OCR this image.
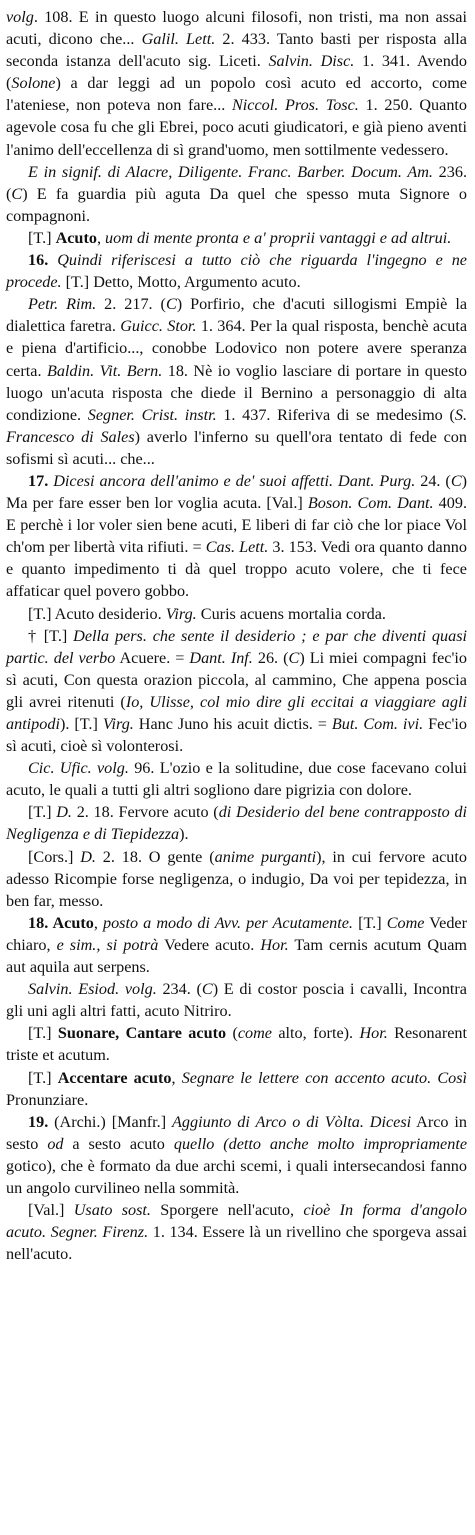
volg. 108. E in questo luogo alcuni filosofi, non tristi, ma non assai acuti, dicono che... Galil. Lett. 2. 433. Tanto basti per risposta alla seconda istanza dell'acuto sig. Liceti. Salvin. Disc. 1. 341. Avendo (Solone) a dar leggi ad un popolo così acuto ed accorto, come l'ateniese, non poteva non fare... Niccol. Pros. Tosc. 1. 250. Quanto agevole cosa fu che gli Ebrei, poco acuti giudicatori, e già pieno aventi l'animo dell'eccellenza di sì grand'uomo, men sottilmente vedessero.

E in signif. di Alacre, Diligente. Franc. Barber. Docum. Am. 236. (C) E fa guardia più aguta Da quel che spesso muta Signore o compagnoni.

[T.] Acuto, uom di mente pronta e a' proprii vantaggi e ad altrui.

16. Quindi riferiscesi a tutto ciò che riguarda l'ingegno e ne procede. [T.] Detto, Motto, Argumento acuto.

Petr. Rim. 2. 217. (C) Porfirio, che d'acuti sillogismi Empiè la dialettica faretra. Guicc. Stor. 1. 364. Per la qual risposta, benchè acuta e piena d'artificio..., conobbe Lodovico non potere avere speranza certa. Baldin. Vit. Bern. 18. Nè io voglio lasciare di portare in questo luogo un'acuta risposta che diede il Bernino a personaggio di alta condizione. Segner. Crist. instr. 1. 437. Riferiva di se medesimo (S. Francesco di Sales) averlo l'inferno su quell'ora tentato di fede con sofismi sì acuti... che...

17. Dicesi ancora dell'animo e de' suoi affetti. Dant. Purg. 24. (C) Ma per fare esser ben lor voglia acuta. [Val.] Boson. Com. Dant. 409. E perchè i lor voler sien bene acuti, E liberi di far ciò che lor piace Vol ch'om per libertà vita rifiuti. = Cas. Lett. 3. 153. Vedi ora quanto danno e quanto impedimento ti dà quel troppo acuto volere, che ti fece affaticar quel povero gobbo.

[T.] Acuto desiderio. Virg. Curis acuens mortalia corda.

† [T.] Della pers. che sente il desiderio ; e par che diventi quasi partic. del verbo Acuere. = Dant. Inf. 26. (C) Li miei compagni fec'io sì acuti, Con questa orazion piccola, al cammino, Che appena poscia gli avrei ritenuti (Io, Ulisse, col mio dire gli eccitai a viaggiare agli antipodi). [T.] Virg. Hanc Juno his acuit dictis. = But. Com. ivi. Fec'io sì acuti, cioè sì volonterosi.

Cic. Ufic. volg. 96. L'ozio e la solitudine, due cose facevano colui acuto, le quali a tutti gli altri sogliono dare pigrizia con dolore.

[T.] D. 2. 18. Fervore acuto (di Desiderio del bene contrapposto di Negligenza e di Tiepidezza).

[Cors.] D. 2. 18. O gente (anime purganti), in cui fervore acuto adesso Ricompie forse negligenza, o indugio, Da voi per tepidezza, in ben far, messo.

18. Acuto, posto a modo di Avv. per Acutamente. [T.] Come Veder chiaro, e sim., si potrà Vedere acuto. Hor. Tam cernis acutum Quam aut aquila aut serpens.

Salvin. Esiod. volg. 234. (C) E di costor poscia i cavalli, Incontra gli uni agli altri fatti, acuto Nitriro.

[T.] Suonare, Cantare acuto (come alto, forte). Hor. Resonarent triste et acutum.

[T.] Accentare acuto, Segnare le lettere con accento acuto. Così Pronunziare.

19. (Archi.) [Manfr.] Aggiunto di Arco o di Vòlta. Dicesi Arco in sesto od a sesto acuto quello (detto anche molto impropriamente gotico), che è formato da due archi scemi, i quali intersecandosi fanno un angolo curvilineo nella sommità.

[Val.] Usato sost. Sporgere nell'acuto, cioè In forma d'angolo acuto. Segner. Firenz. 1. 134. Essere là un rivellino che sporgeva assai nell'acuto.
